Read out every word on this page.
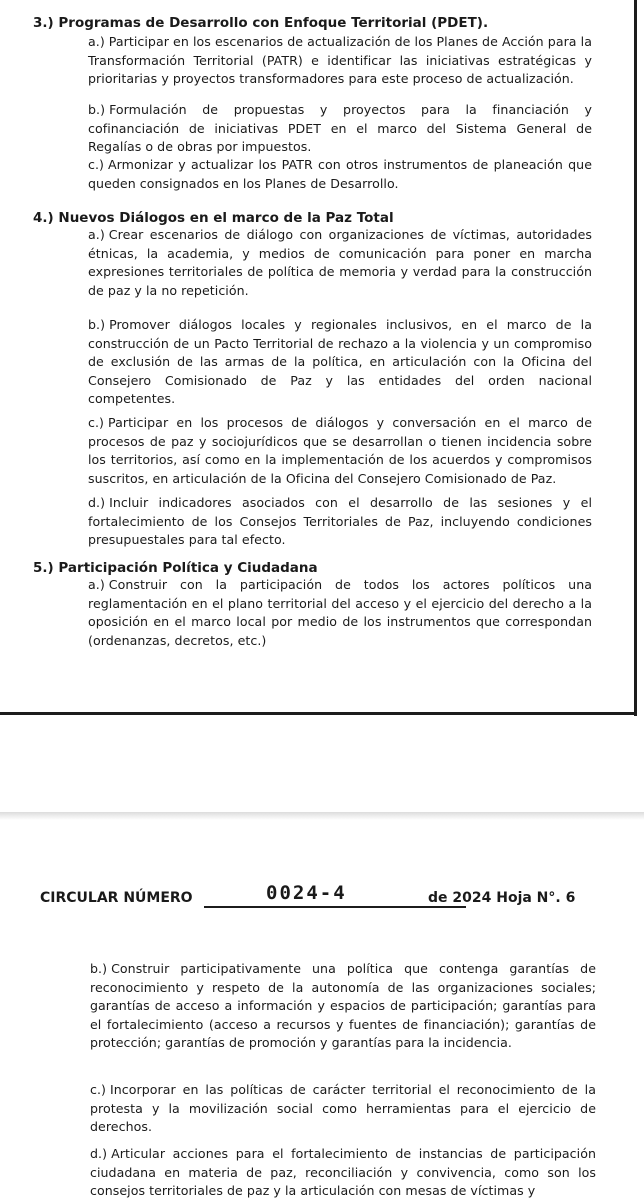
3.) Programas de Desarrollo con Enfoque Territorial (PDET).
a.) Participar en los escenarios de actualización de los Planes de Acción para la Transformación Territorial (PATR) e identificar las iniciativas estratégicas y prioritarias y proyectos transformadores para este proceso de actualización.
b.) Formulación de propuestas y proyectos para la financiación y cofinanciación de iniciativas PDET en el marco del Sistema General de Regalías o de obras por impuestos.
c.) Armonizar y actualizar los PATR con otros instrumentos de planeación que queden consignados en los Planes de Desarrollo.
4.) Nuevos Diálogos en el marco de la Paz Total
a.) Crear escenarios de diálogo con organizaciones de víctimas, autoridades étnicas, la academia, y medios de comunicación para poner en marcha expresiones territoriales de política de memoria y verdad para la construcción de paz y la no repetición.
b.) Promover diálogos locales y regionales inclusivos, en el marco de la construcción de un Pacto Territorial de rechazo a la violencia y un compromiso de exclusión de las armas de la política, en articulación con la Oficina del Consejero Comisionado de Paz y las entidades del orden nacional competentes.
c.) Participar en los procesos de diálogos y conversación en el marco de procesos de paz y sociojurídicos que se desarrollan o tienen incidencia sobre los territorios, así como en la implementación de los acuerdos y compromisos suscritos, en articulación de la Oficina del Consejero Comisionado de Paz.
d.) Incluir indicadores asociados con el desarrollo de las sesiones y el fortalecimiento de los Consejos Territoriales de Paz, incluyendo condiciones presupuestales para tal efecto.
5.) Participación Política y Ciudadana
a.) Construir con la participación de todos los actores políticos una reglamentación en el plano territorial del acceso y el ejercicio del derecho a la oposición en el marco local por medio de los instrumentos que correspondan (ordenanzas, decretos, etc.)
CIRCULAR NÚMERO	0024-4	de 2024 Hoja N°. 6
b.) Construir participativamente una política que contenga garantías de reconocimiento y respeto de la autonomía de las organizaciones sociales; garantías de acceso a información y espacios de participación; garantías para el fortalecimiento (acceso a recursos y fuentes de financiación); garantías de protección; garantías de promoción y garantías para la incidencia.
c.) Incorporar en las políticas de carácter territorial el reconocimiento de la protesta y la movilización social como herramientas para el ejercicio de derechos.
d.) Articular acciones para el fortalecimiento de instancias de participación ciudadana en materia de paz, reconciliación y convivencia, como son los consejos territoriales de paz y la articulación con mesas de víctimas y
